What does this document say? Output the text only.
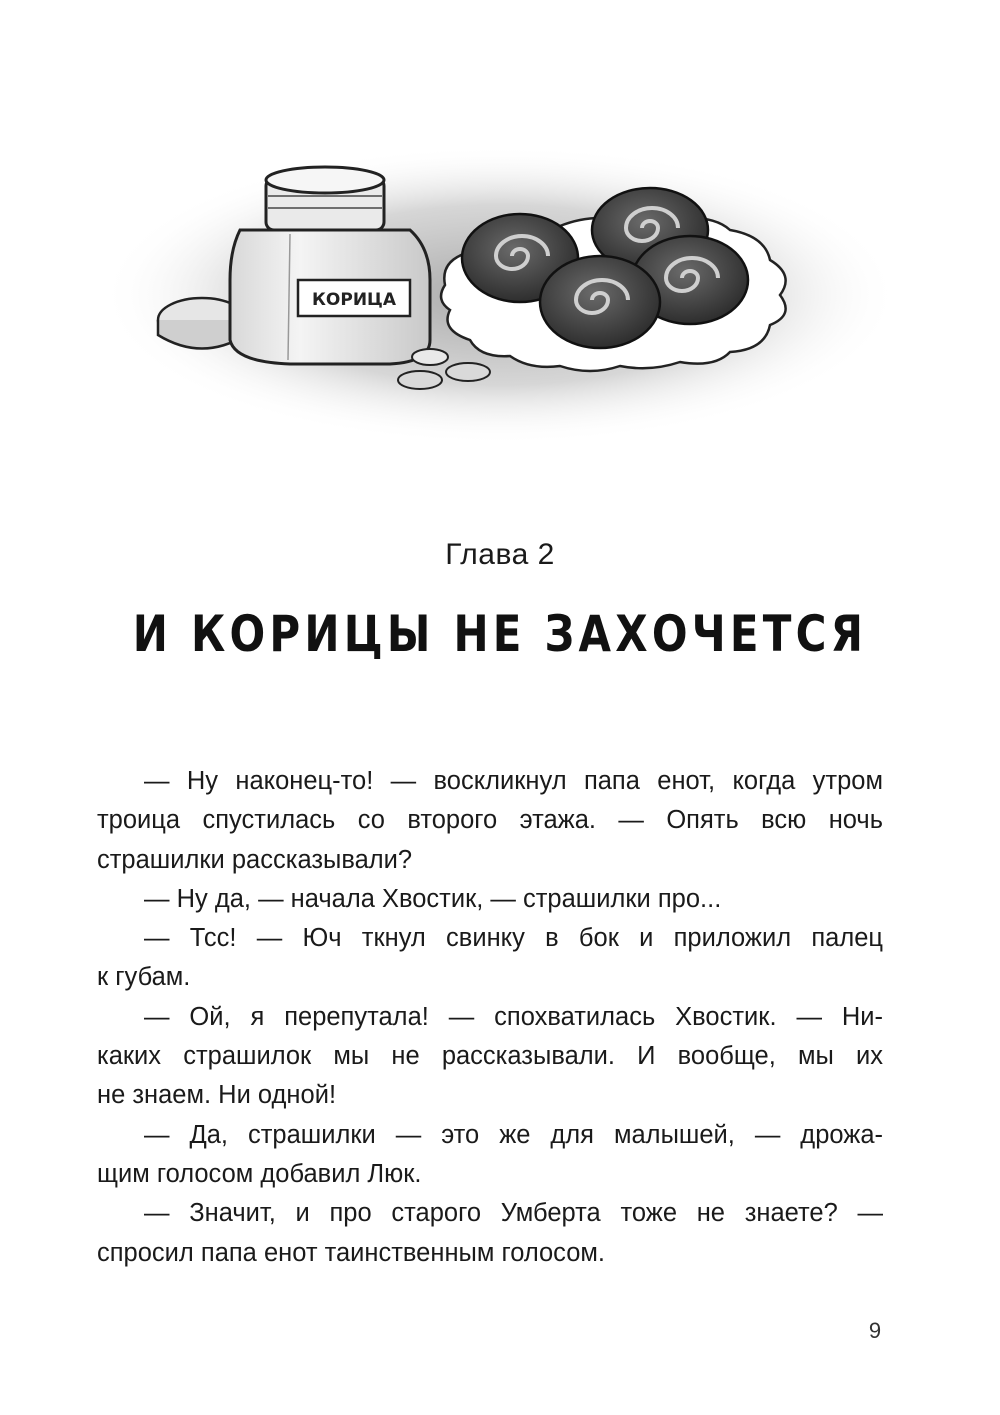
КОРИЦА
Глава 2
И КОРИЦЫ НЕ ЗАХОЧЕТСЯ
— Ну наконец-то! — воскликнул папа енот, когда утром
троица спустилась со второго этажа. — Опять всю ночь
страшилки рассказывали?
— Ну да, — начала Хвостик, — страшилки про...
— Тсс! — Юч ткнул свинку в бок и приложил палец
к губам.
— Ой, я перепутала! — спохватилась Хвостик. — Ни-
каких страшилок мы не рассказывали. И вообще, мы их
не знаем. Ни одной!
— Да, страшилки — это же для малышей, — дрожа-
щим голосом добавил Люк.
— Значит, и про старого Умберта тоже не знаете? —
спросил папа енот таинственным голосом.
9
